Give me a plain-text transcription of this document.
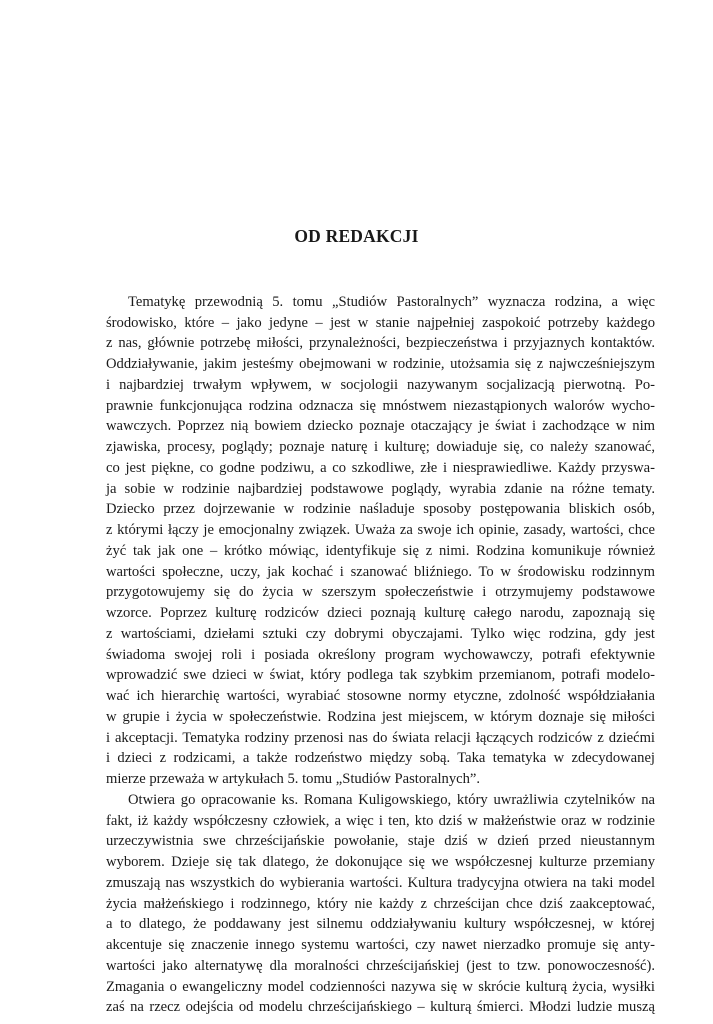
OD REDAKCJI
Tematykę przewodnią 5. tomu „Studiów Pastoralnych” wyznacza rodzina, a więc
środowisko, które – jako jedyne – jest w stanie najpełniej zaspokoić potrzeby każdego
z nas, głównie potrzebę miłości, przynależności, bezpieczeństwa i przyjaznych kontaktów.
Oddziaływanie, jakim jesteśmy obejmowani w rodzinie, utożsamia się z najwcześniejszym
i najbardziej trwałym wpływem, w socjologii nazywanym socjalizacją pierwotną. Po-
prawnie funkcjonująca rodzina odznacza się mnóstwem niezastąpionych walorów wycho-
wawczych. Poprzez nią bowiem dziecko poznaje otaczający je świat i zachodzące w nim
zjawiska, procesy, poglądy; poznaje naturę i kulturę; dowiaduje się, co należy szanować,
co jest piękne, co godne podziwu, a co szkodliwe, złe i niesprawiedliwe. Każdy przyswa-
ja sobie w rodzinie najbardziej podstawowe poglądy, wyrabia zdanie na różne tematy.
Dziecko przez dojrzewanie w rodzinie naśladuje sposoby postępowania bliskich osób,
z którymi łączy je emocjonalny związek. Uważa za swoje ich opinie, zasady, wartości, chce
żyć tak jak one – krótko mówiąc, identyfikuje się z nimi. Rodzina komunikuje również
wartości społeczne, uczy, jak kochać i szanować bliźniego. To w środowisku rodzinnym
przygotowujemy się do życia w szerszym społeczeństwie i otrzymujemy podstawowe
wzorce. Poprzez kulturę rodziców dzieci poznają kulturę całego narodu, zapoznają się
z wartościami, dziełami sztuki czy dobrymi obyczajami. Tylko więc rodzina, gdy jest
świadoma swojej roli i posiada określony program wychowawczy, potrafi efektywnie
wprowadzić swe dzieci w świat, który podlega tak szybkim przemianom, potrafi modelo-
wać ich hierarchię wartości, wyrabiać stosowne normy etyczne, zdolność współdziałania
w grupie i życia w społeczeństwie. Rodzina jest miejscem, w którym doznaje się miłości
i akceptacji. Tematyka rodziny przenosi nas do świata relacji łączących rodziców z dziećmi
i dzieci z rodzicami, a także rodzeństwo między sobą. Taka tematyka w zdecydowanej
mierze przeważa w artykułach 5. tomu „Studiów Pastoralnych”.
Otwiera go opracowanie ks. Romana Kuligowskiego, który uwrażliwia czytelników na
fakt, iż każdy współczesny człowiek, a więc i ten, kto dziś w małżeństwie oraz w rodzinie
urzeczywistnia swe chrześcijańskie powołanie, staje dziś w dzień przed nieustannym
wyborem. Dzieje się tak dlatego, że dokonujące się we współczesnej kulturze przemiany
zmuszają nas wszystkich do wybierania wartości. Kultura tradycyjna otwiera na taki model
życia małżeńskiego i rodzinnego, który nie każdy z chrześcijan chce dziś zaakceptować,
a to dlatego, że poddawany jest silnemu oddziaływaniu kultury współczesnej, w której
akcentuje się znaczenie innego systemu wartości, czy nawet nierzadko promuje się anty-
wartości jako alternatywę dla moralności chrześcijańskiej (jest to tzw. ponowoczesność).
Zmagania o ewangeliczny model codzienności nazywa się w skrócie kulturą życia, wysiłki
zaś na rzecz odejścia od modelu chrześcijańskiego – kulturą śmierci. Młodzi ludzie muszą
